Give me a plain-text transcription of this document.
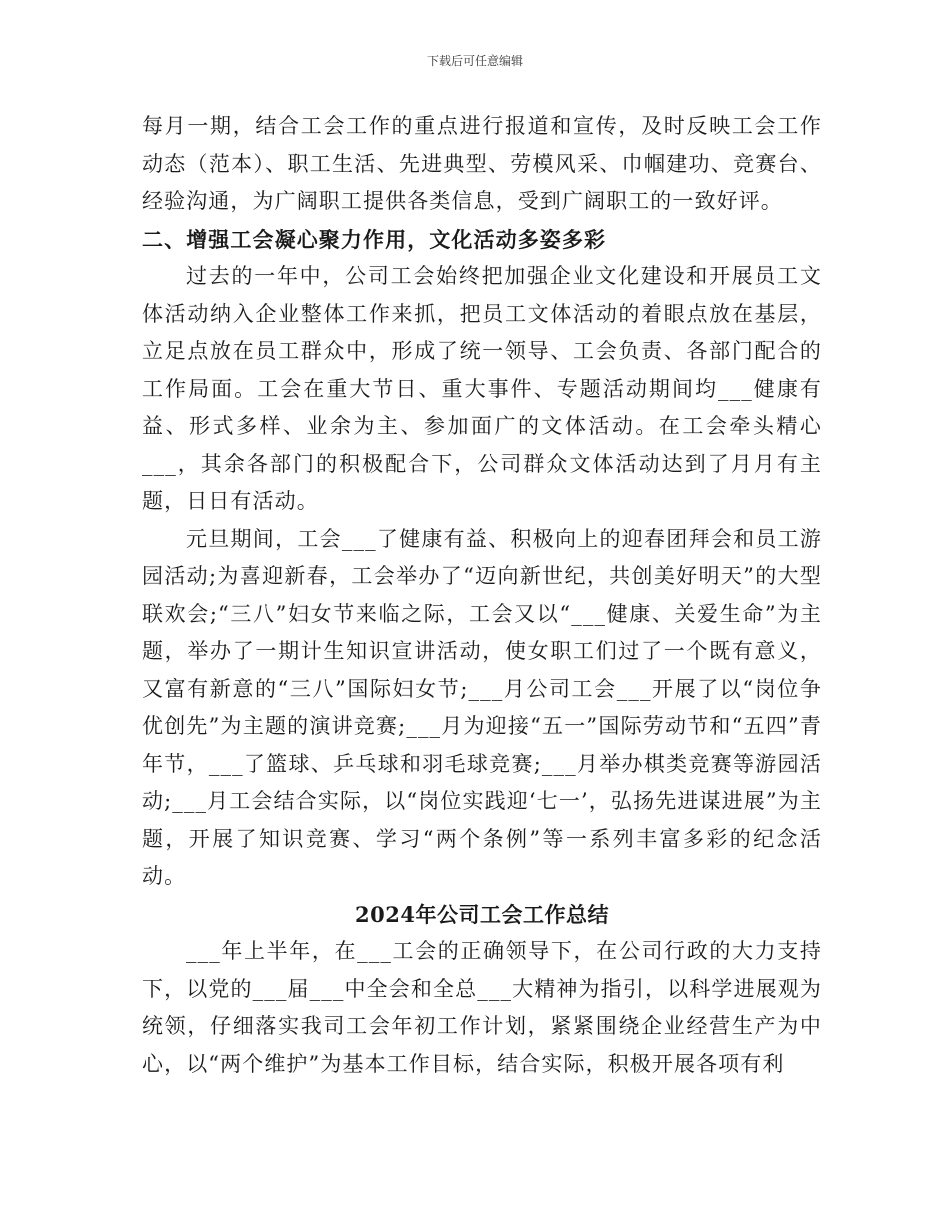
下载后可任意编辑

每月一期，结合工会工作的重点进行报道和宣传，及时反映工会工作动态（范本）、职工生活、先进典型、劳模风采、巾帼建功、竞赛台、经验沟通，为广阔职工提供各类信息，受到广阔职工的一致好评。

二、增强工会凝心聚力作用，文化活动多姿多彩

过去的一年中，公司工会始终把加强企业文化建设和开展员工文体活动纳入企业整体工作来抓，把员工文体活动的着眼点放在基层，立足点放在员工群众中，形成了统一领导、工会负责、各部门配合的工作局面。工会在重大节日、重大事件、专题活动期间均___健康有益、形式多样、业余为主、参加面广的文体活动。在工会牵头精心___，其余各部门的积极配合下，公司群众文体活动达到了月月有主题，日日有活动。

元旦期间，工会___了健康有益、积极向上的迎春团拜会和员工游园活动;为喜迎新春，工会举办了“迈向新世纪，共创美好明天”的大型联欢会;“三八”妇女节来临之际，工会又以“___健康、关爱生命”为主题，举办了一期计生知识宣讲活动，使女职工们过了一个既有意义，又富有新意的“三八”国际妇女节;___月公司工会___开展了以“岗位争优创先”为主题的演讲竞赛;___月为迎接“五一”国际劳动节和“五四”青年节，___了篮球、乒乓球和羽毛球竞赛;___月举办棋类竞赛等游园活动;___月工会结合实际，以“岗位实践迎‘七一’，弘扬先进谋进展”为主题，开展了知识竞赛、学习“两个条例”等一系列丰富多彩的纪念活动。

2024年公司工会工作总结

___年上半年，在___工会的正确领导下，在公司行政的大力支持下，以党的___届___中全会和全总___大精神为指引，以科学进展观为统领，仔细落实我司工会年初工作计划，紧紧围绕企业经营生产为中心，以“两个维护”为基本工作目标，结合实际，积极开展各项有利
